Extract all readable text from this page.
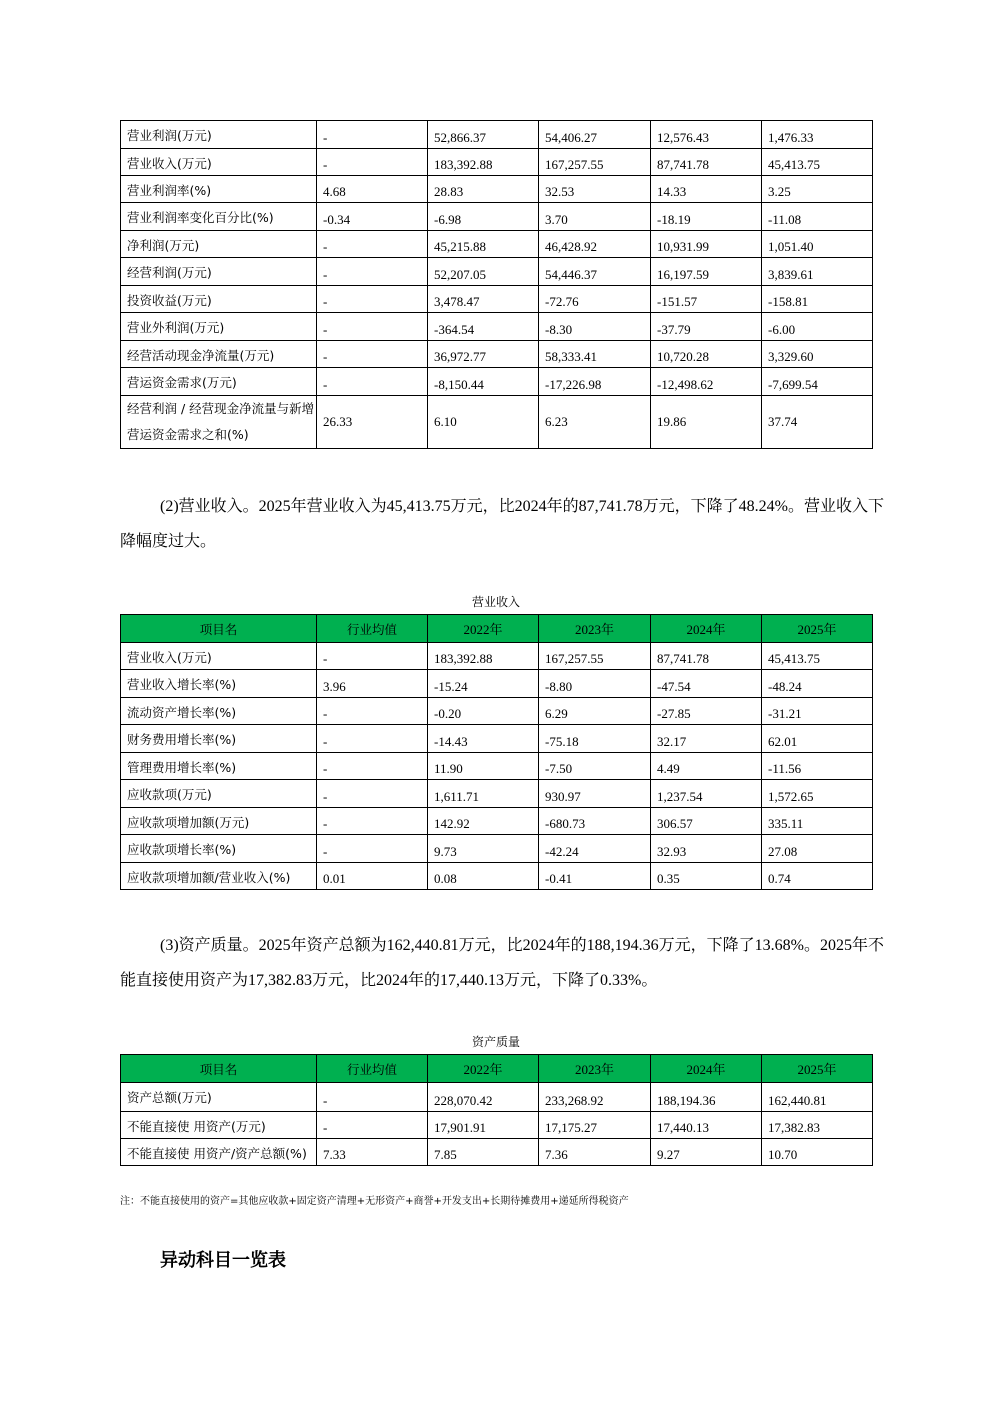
营业利润(万元)	-	52,866.37	54,406.27	12,576.43	1,476.33
营业收入(万元)	-	183,392.88	167,257.55	87,741.78	45,413.75
营业利润率(%)	4.68	28.83	32.53	14.33	3.25
营业利润率变化百分比(%)	-0.34	-6.98	3.70	-18.19	-11.08
净利润(万元)	-	45,215.88	46,428.92	10,931.99	1,051.40
经营利润(万元)	-	52,207.05	54,446.37	16,197.59	3,839.61
投资收益(万元)	-	3,478.47	-72.76	-151.57	-158.81
营业外利润(万元)	-	-364.54	-8.30	-37.79	-6.00
经营活动现金净流量(万元)	-	36,972.77	58,333.41	10,720.28	3,329.60
营运资金需求(万元)	-	-8,150.44	-17,226.98	-12,498.62	-7,699.54
经营利润 / 经营现金净流量与新增营运资金需求之和(%)	26.33	6.10	6.23	19.86	37.74

(2)营业收入。2025年营业收入为45,413.75万元，比2024年的87,741.78万元，下降了48.24%。营业收入下降幅度过大。

营业收入
项目名	行业均值	2022年	2023年	2024年	2025年
营业收入(万元)	-	183,392.88	167,257.55	87,741.78	45,413.75
营业收入增长率(%)	3.96	-15.24	-8.80	-47.54	-48.24
流动资产增长率(%)	-	-0.20	6.29	-27.85	-31.21
财务费用增长率(%)	-	-14.43	-75.18	32.17	62.01
管理费用增长率(%)	-	11.90	-7.50	4.49	-11.56
应收款项(万元)	-	1,611.71	930.97	1,237.54	1,572.65
应收款项增加额(万元)	-	142.92	-680.73	306.57	335.11
应收款项增长率(%)	-	9.73	-42.24	32.93	27.08
应收款项增加额/营业收入(%)	0.01	0.08	-0.41	0.35	0.74

(3)资产质量。2025年资产总额为162,440.81万元，比2024年的188,194.36万元，下降了13.68%。2025年不能直接使用资产为17,382.83万元，比2024年的17,440.13万元，下降了0.33%。

资产质量
项目名	行业均值	2022年	2023年	2024年	2025年
资产总额(万元)	-	228,070.42	233,268.92	188,194.36	162,440.81
不能直接使 用资产(万元)	-	17,901.91	17,175.27	17,440.13	17,382.83
不能直接使 用资产/资产总额(%)	7.33	7.85	7.36	9.27	10.70
注：不能直接使用的资产=其他应收款+固定资产清理+无形资产+商誉+开发支出+长期待摊费用+递延所得税资产
异动科目一览表
